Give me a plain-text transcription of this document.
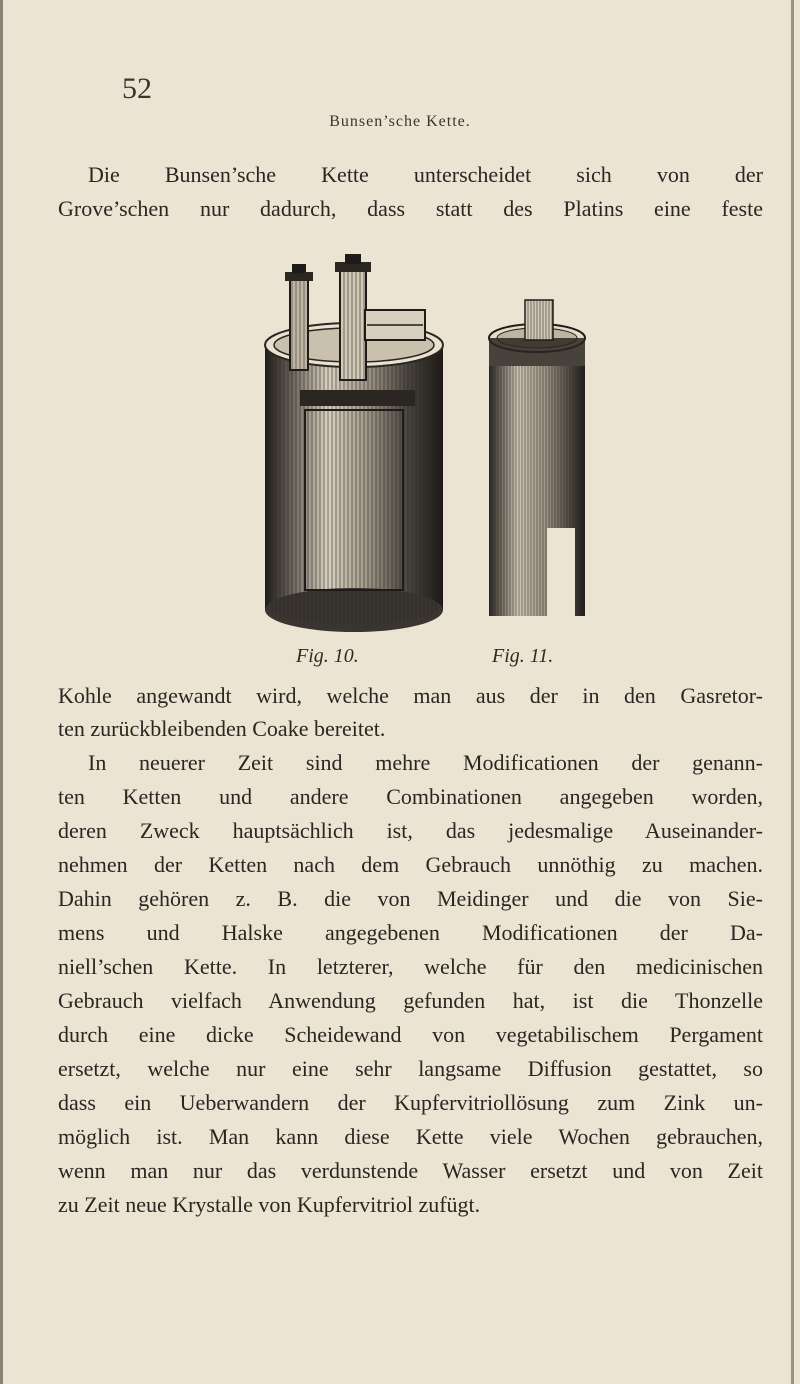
52
Bunsen’sche Kette.
Die Bunsen’sche Kette unterscheidet sich von der
Grove’schen nur dadurch, dass statt des Platins eine feste
Fig. 10.	Fig. 11.
Kohle angewandt wird, welche man aus der in den Gasretor-
ten zurückbleibenden Coake bereitet.
In neuerer Zeit sind mehre Modificationen der genann-
ten Ketten und andere Combinationen angegeben worden,
deren Zweck hauptsächlich ist, das jedesmalige Auseinander-
nehmen der Ketten nach dem Gebrauch unnöthig zu machen.
Dahin gehören z. B. die von Meidinger und die von Sie-
mens und Halske angegebenen Modificationen der Da-
niell’schen Kette. In letzterer, welche für den medicinischen
Gebrauch vielfach Anwendung gefunden hat, ist die Thonzelle
durch eine dicke Scheidewand von vegetabilischem Pergament
ersetzt, welche nur eine sehr langsame Diffusion gestattet, so
dass ein Ueberwandern der Kupfervitriollösung zum Zink un-
möglich ist. Man kann diese Kette viele Wochen gebrauchen,
wenn man nur das verdunstende Wasser ersetzt und von Zeit
zu Zeit neue Krystalle von Kupfervitriol zufügt.
